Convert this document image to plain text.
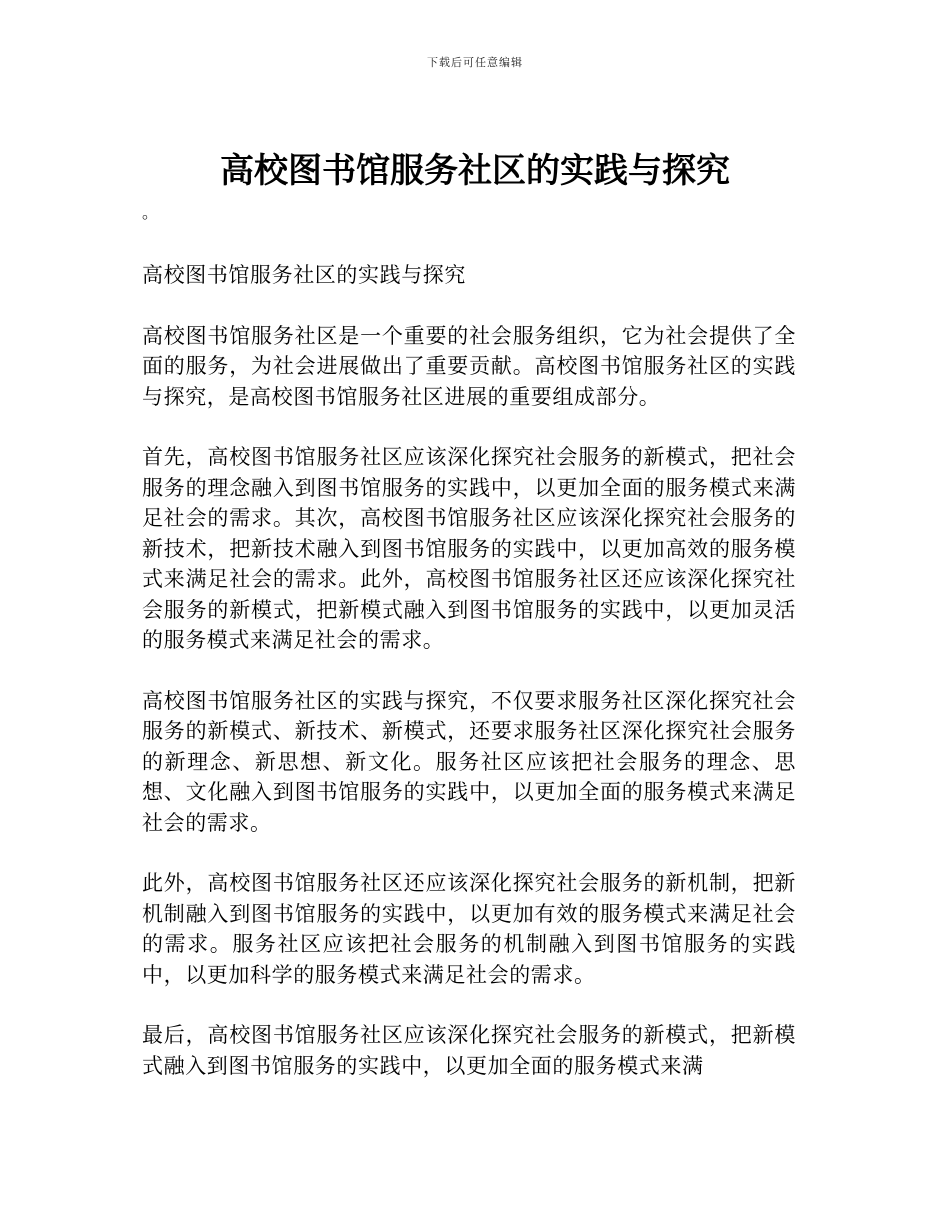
下载后可任意编辑
高校图书馆服务社区的实践与探究

。

高校图书馆服务社区的实践与探究

高校图书馆服务社区是一个重要的社会服务组织，它为社会提供了全面的服务，为社会进展做出了重要贡献。高校图书馆服务社区的实践与探究，是高校图书馆服务社区进展的重要组成部分。

首先，高校图书馆服务社区应该深化探究社会服务的新模式，把社会服务的理念融入到图书馆服务的实践中，以更加全面的服务模式来满足社会的需求。其次，高校图书馆服务社区应该深化探究社会服务的新技术，把新技术融入到图书馆服务的实践中，以更加高效的服务模式来满足社会的需求。此外，高校图书馆服务社区还应该深化探究社会服务的新模式，把新模式融入到图书馆服务的实践中，以更加灵活的服务模式来满足社会的需求。

高校图书馆服务社区的实践与探究，不仅要求服务社区深化探究社会服务的新模式、新技术、新模式，还要求服务社区深化探究社会服务的新理念、新思想、新文化。服务社区应该把社会服务的理念、思想、文化融入到图书馆服务的实践中，以更加全面的服务模式来满足社会的需求。

此外，高校图书馆服务社区还应该深化探究社会服务的新机制，把新机制融入到图书馆服务的实践中，以更加有效的服务模式来满足社会的需求。服务社区应该把社会服务的机制融入到图书馆服务的实践中，以更加科学的服务模式来满足社会的需求。

最后，高校图书馆服务社区应该深化探究社会服务的新模式，把新模式融入到图书馆服务的实践中，以更加全面的服务模式来满
